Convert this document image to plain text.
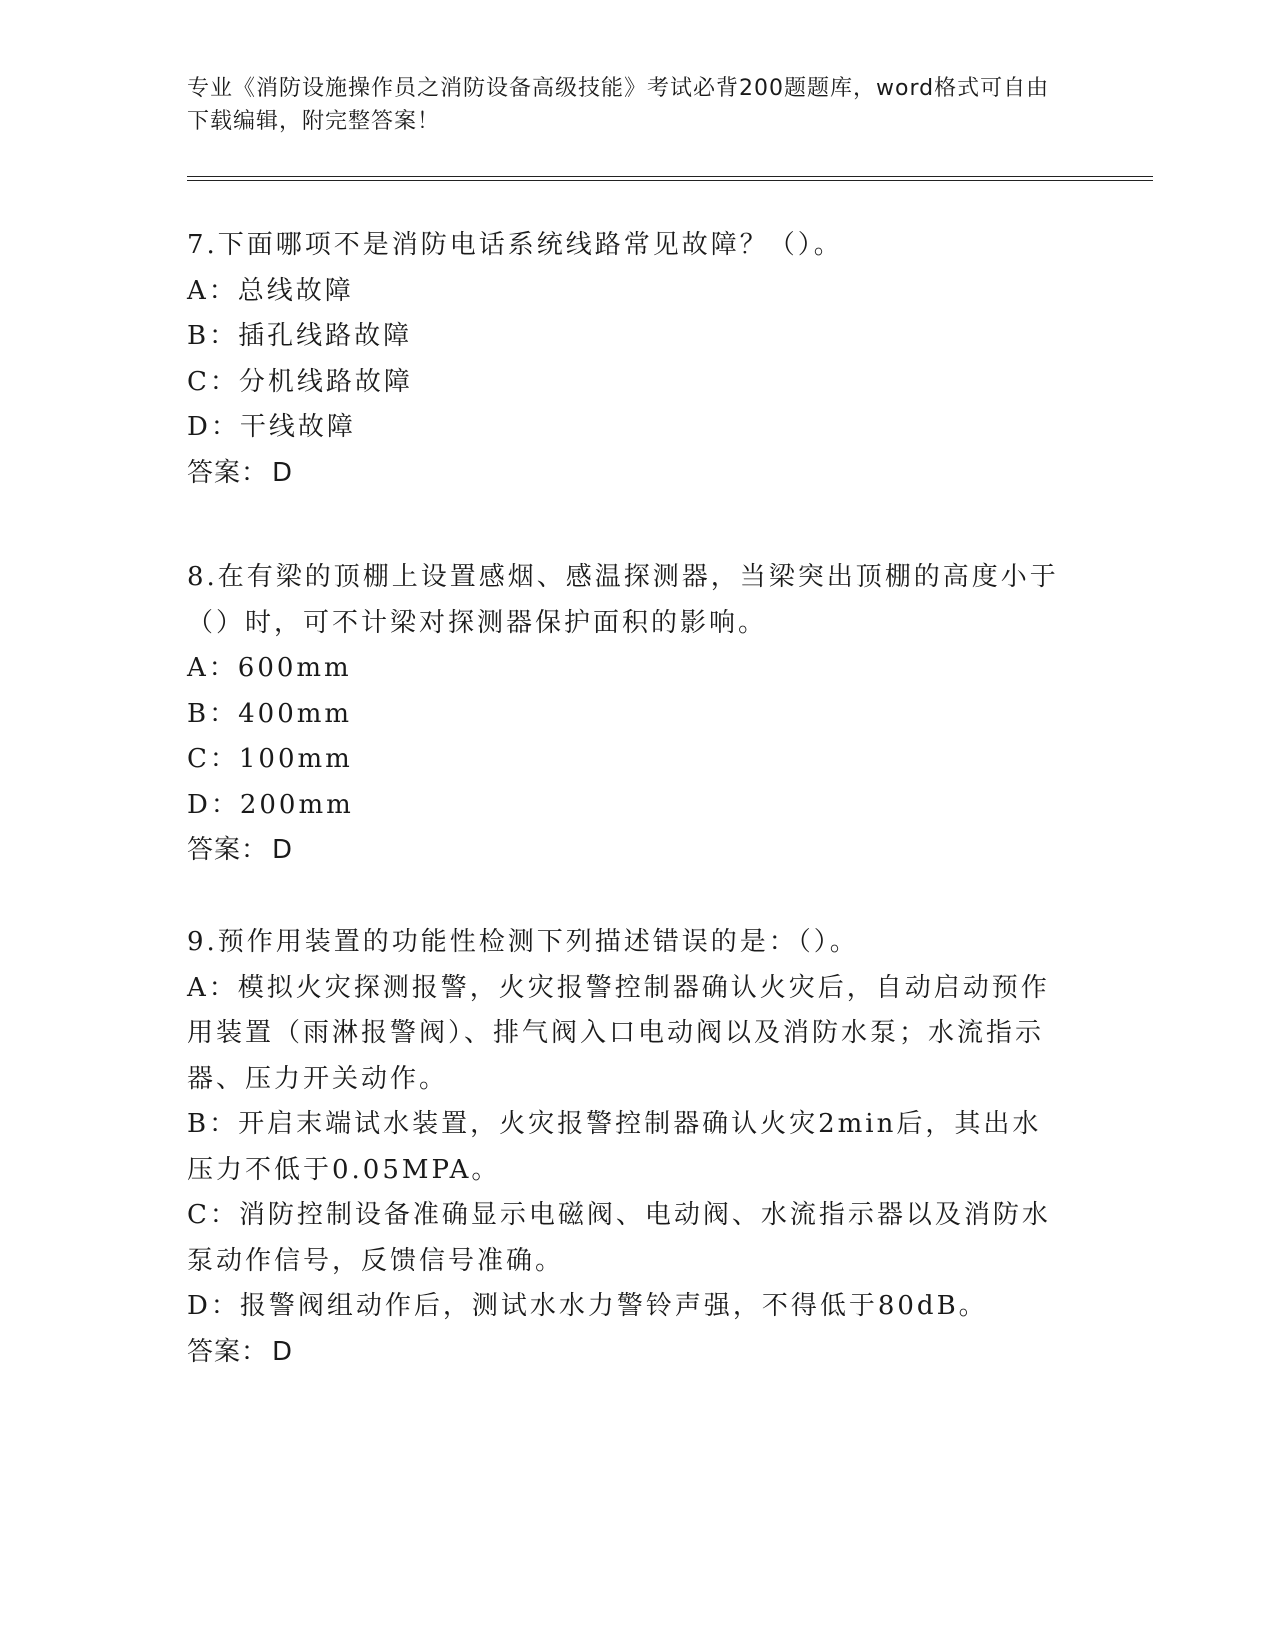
专业《消防设施操作员之消防设备高级技能》考试必背200题题库，word格式可自由下载编辑，附完整答案！

7.下面哪项不是消防电话系统线路常见故障？（）。

A：总线故障

B：插孔线路故障

C：分机线路故障

D：干线故障

答案： D

8.在有梁的顶棚上设置感烟、感温探测器，当梁突出顶棚的高度小于（）时，可不计梁对探测器保护面积的影响。

A：600mm

B：400mm

C：100mm

D：200mm

答案： D

9.预作用装置的功能性检测下列描述错误的是：（）。

A：模拟火灾探测报警，火灾报警控制器确认火灾后，自动启动预作用装置（雨淋报警阀）、排气阀入口电动阀以及消防水泵；水流指示器、压力开关动作。

B：开启末端试水装置，火灾报警控制器确认火灾2min后，其出水压力不低于0.05MPA。

C：消防控制设备准确显示电磁阀、电动阀、水流指示器以及消防水泵动作信号，反馈信号准确。

D：报警阀组动作后，测试水水力警铃声强，不得低于80dB。

答案： D
